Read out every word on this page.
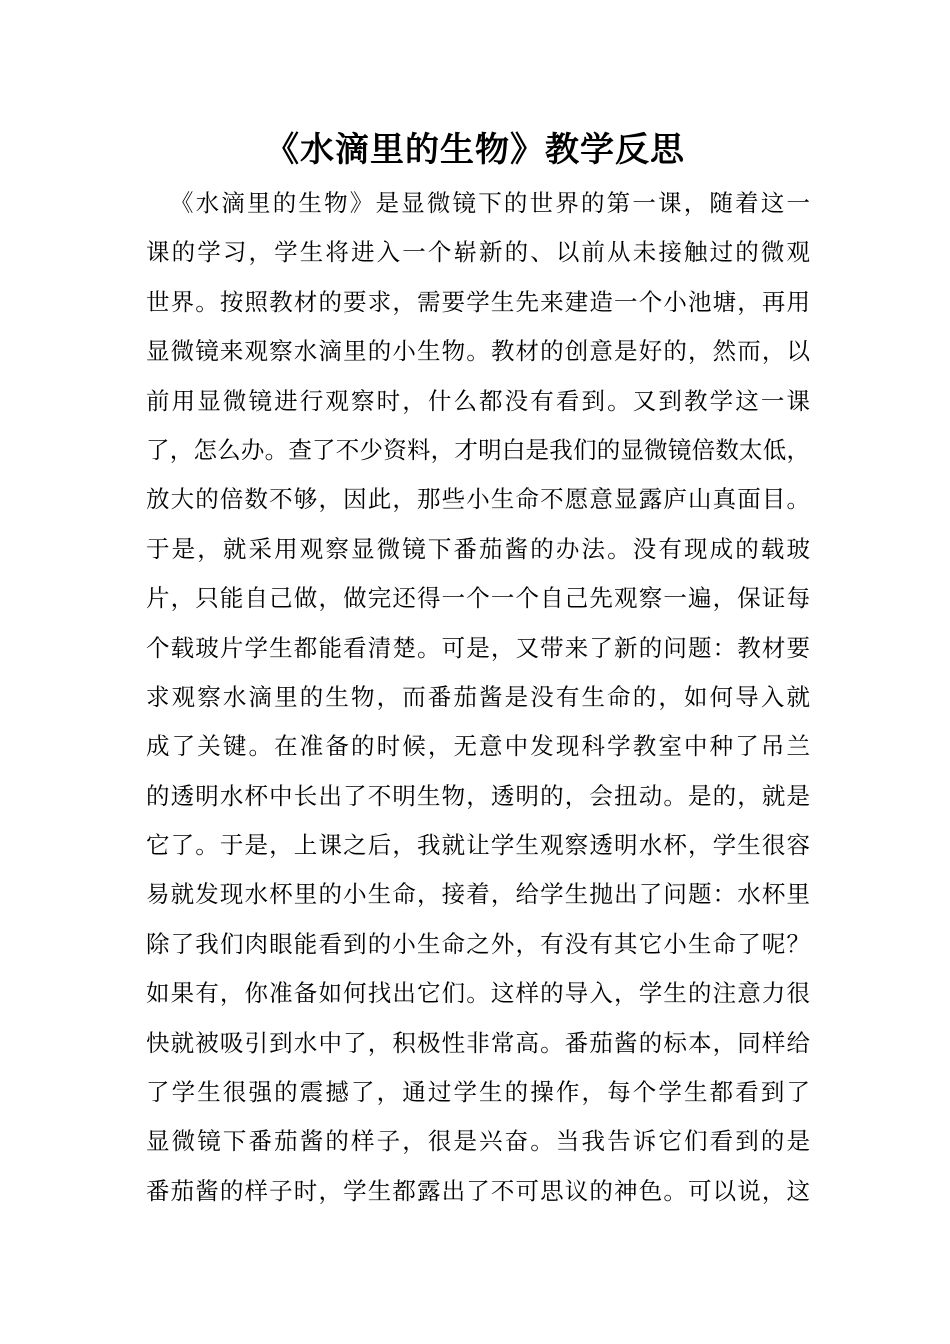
《水滴里的生物》教学反思
《水滴里的生物》是显微镜下的世界的第一课，随着这一
课的学习，学生将进入一个崭新的、以前从未接触过的微观
世界。按照教材的要求，需要学生先来建造一个小池塘，再用
显微镜来观察水滴里的小生物。教材的创意是好的，然而，以
前用显微镜进行观察时，什么都没有看到。又到教学这一课
了，怎么办。查了不少资料，才明白是我们的显微镜倍数太低，
放大的倍数不够，因此，那些小生命不愿意显露庐山真面目。
于是，就采用观察显微镜下番茄酱的办法。没有现成的载玻
片，只能自己做，做完还得一个一个自己先观察一遍，保证每
个载玻片学生都能看清楚。可是，又带来了新的问题：教材要
求观察水滴里的生物，而番茄酱是没有生命的，如何导入就
成了关键。在准备的时候，无意中发现科学教室中种了吊兰
的透明水杯中长出了不明生物，透明的，会扭动。是的，就是
它了。于是，上课之后，我就让学生观察透明水杯，学生很容
易就发现水杯里的小生命，接着，给学生抛出了问题：水杯里
除了我们肉眼能看到的小生命之外，有没有其它小生命了呢？
如果有，你准备如何找出它们。这样的导入，学生的注意力很
快就被吸引到水中了，积极性非常高。番茄酱的标本，同样给
了学生很强的震撼了，通过学生的操作，每个学生都看到了
显微镜下番茄酱的样子，很是兴奋。当我告诉它们看到的是
番茄酱的样子时，学生都露出了不可思议的神色。可以说，这
